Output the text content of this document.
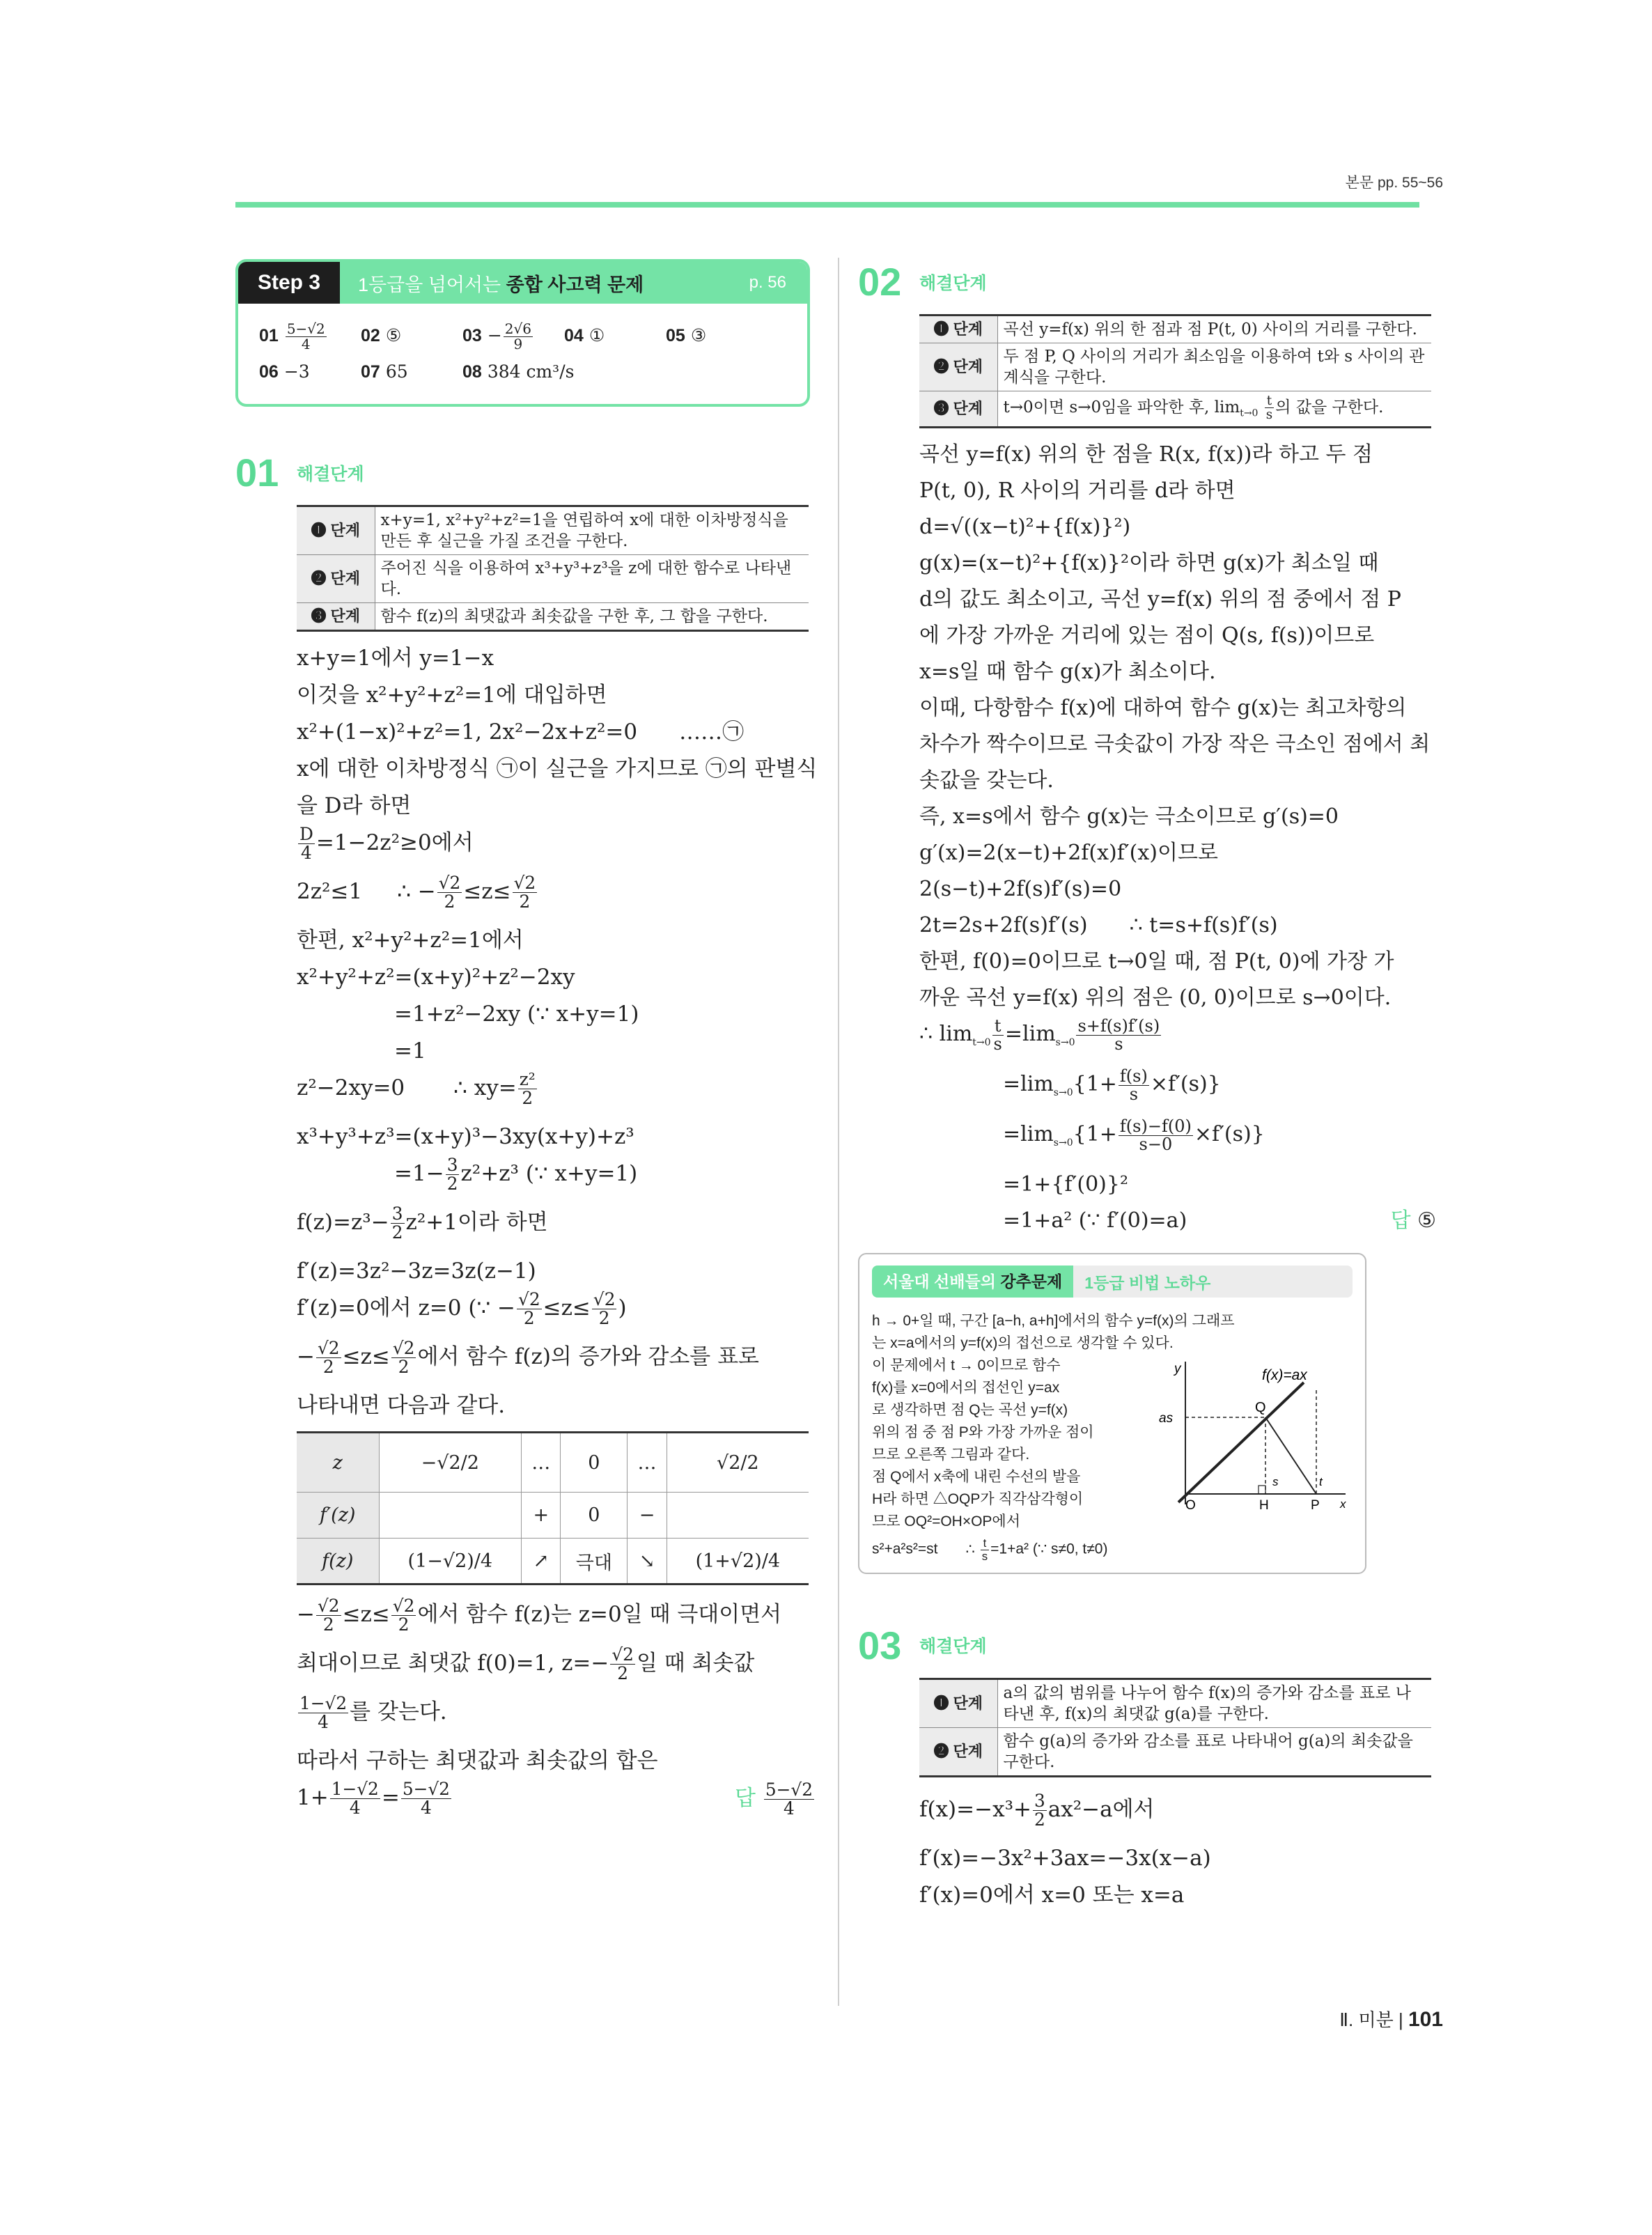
본문 pp. 55~56
Step 3	1등급을 넘어서는 종합 사고력 문제	p. 56
$01 \frac{5-√2}{4} 02$ ⑤	$03 - \frac{2√6}{9} 04$ ①	05 ③
06 −3	07 65	08 384 cm³/s
01	해결단계
❶ 단계	x+y=1, x²+y²+z²=1을 연립하여 x에 대한 이차방정식을 만든 후 실근을 가질 조건을 구한다.
❷ 단계	주어진 식을 이용하여 x³+y³+z³을 z에 대한 함수로 나타낸다.
❸ 단계	함수 f(z)의 최댓값과 최솟값을 구한 후, 그 합을 구한다.
x+y=1에서 y=1−x
이것을 x²+y²+z²=1에 대입하면
x²+(1−x)²+z²=1, 2x²−2x+z²=0 ……㉠
x에 대한 이차방정식 ㉠이 실근을 가지므로 ㉠의 판별식
을 D라 하면
$\frac{D}{4} =1-2z^2\ge 0$에서
2z²≤1 ∴ − $\frac{√2}{2} \le z\le \frac{√2}{2}$
한편, x²+y²+z²=1에서
x²+y²+z²=(x+y)²+z²−2xy
=1+z²−2xy (∵ x+y=1)
=1
z²−2xy=0 ∴ $xy= \frac{\text{z²}}{2}$
x³+y³+z³=(x+y)³−3xy(x+y)+z³
$=1- \frac{3}{2} z^2+z^3$ (∵ x+y=1)
$f(z)=z^3- \frac{3}{2} z^2+1$이라 하면
f′(z)=3z²−3z=3z(z−1)
f′(z)=0에서 z=0 (∵ − $\frac{√2}{2} \le z\le \frac{√2}{2}$ )
− $\frac{√2}{2} \le z\le \frac{√2}{2}$ 에서 함수 f(z)의 증가와 감소를 표로
나타내면 다음과 같다.
z	−√2/2	…	0	…	√2/2
f′(z)		+	0	−	
f(z)	(1−√2)/4	↗	극대	↘	(1+√2)/4
− $\frac{√2}{2} \le z\le \frac{√2}{2}$ 에서 함수 f(z)는 z=0일 때 극대이면서
최대이므로 최댓값 f(0)=1, $z=- \frac{√2}{2}$ 일 때 최솟값
$\frac{1-√2}{4}$ 를 갖는다.
따라서 구하는 최댓값과 최솟값의 합은
$1+ \frac{1-√2}{4} = \frac{5-√2}{4}$	답 $\frac{5-√2}{4}$
02	해결단계
❶ 단계	곡선 y=f(x) 위의 한 점과 점 P(t, 0) 사이의 거리를 구한다.
❷ 단계	두 점 P, Q 사이의 거리가 최소임을 이용하여 t와 s 사이의 관계식을 구한다.
❸ 단계	t→0이면 s→0임을 파악한 후, $\lim_{t\to 0} \frac{t}{s}$ 의 값을 구한다.
곡선 y=f(x) 위의 한 점을 R(x, f(x))라 하고 두 점
P(t, 0), R 사이의 거리를 d라 하면
d=√((x−t)²+{f(x)}²)
g(x)=(x−t)²+{f(x)}²이라 하면 g(x)가 최소일 때
d의 값도 최소이고, 곡선 y=f(x) 위의 점 중에서 점 P
에 가장 가까운 거리에 있는 점이 Q(s, f(s))이므로
x=s일 때 함수 g(x)가 최소이다.
이때, 다항함수 f(x)에 대하여 함수 g(x)는 최고차항의
차수가 짝수이므로 극솟값이 가장 작은 극소인 점에서 최
솟값을 갖는다.
즉, x=s에서 함수 g(x)는 극소이므로 g′(s)=0
g′(x)=2(x−t)+2f(x)f′(x)이므로
2(s−t)+2f(s)f′(s)=0
2t=2s+2f(s)f′(s) ∴ t=s+f(s)f′(s)
한편, f(0)=0이므로 t→0일 때, 점 P(t, 0)에 가장 가
까운 곡선 y=f(x) 위의 점은 (0, 0)이므로 s→0이다.
∴ $\lim_{t\to 0} \frac{t}{s} =\lim_{s\to 0} \frac{s+f(s)f'(s)}{s}$
$=\lim_{s\to 0}\{1+ \frac{f(s)}{s} \times f'(s)\}$
$=\lim_{s\to 0}\{1+ \frac{f(s)-f(0)}{s-0} \times f'(s)\}$
=1+{f′(0)}²
=1+a² (∵ f′(0)=a)	답 ⑤
서울대 선배들의 강추문제	1등급 비법 노하우
h → 0+일 때, 구간 [a−h, a+h]에서의 함수 y=f(x)의 그래프
는 x=a에서의 y=f(x)의 접선으로 생각할 수 있다.
이 문제에서 t → 0이므로 함수
f(x)를 x=0에서의 접선인 y=ax
로 생각하면 점 Q는 곡선 y=f(x)
위의 점 중 점 P와 가장 가까운 점이
므로 오른쪽 그림과 같다.
점 Q에서 x축에 내린 수선의 발을
H라 하면 △OQP가 직각삼각형이
므로 OQ²=OH×OP에서
f(x)=ax
y
as
Q
O	H	P x
s	t
s²+a²s²=st ∴ $\frac{t}{s} =1+a^2$ (∵ s≠0, t≠0)
03	해결단계
❶ 단계	a의 값의 범위를 나누어 함수 f(x)의 증가와 감소를 표로 나타낸 후, f(x)의 최댓값 g(a)를 구한다.
❷ 단계	함수 g(a)의 증가와 감소를 표로 나타내어 g(a)의 최솟값을 구한다.
$f(x)=-x^3+ \frac{3}{2} ax^2-a$에서
f′(x)=−3x²+3ax=−3x(x−a)
f′(x)=0에서 x=0 또는 x=a
Ⅱ. 미분 | 101
